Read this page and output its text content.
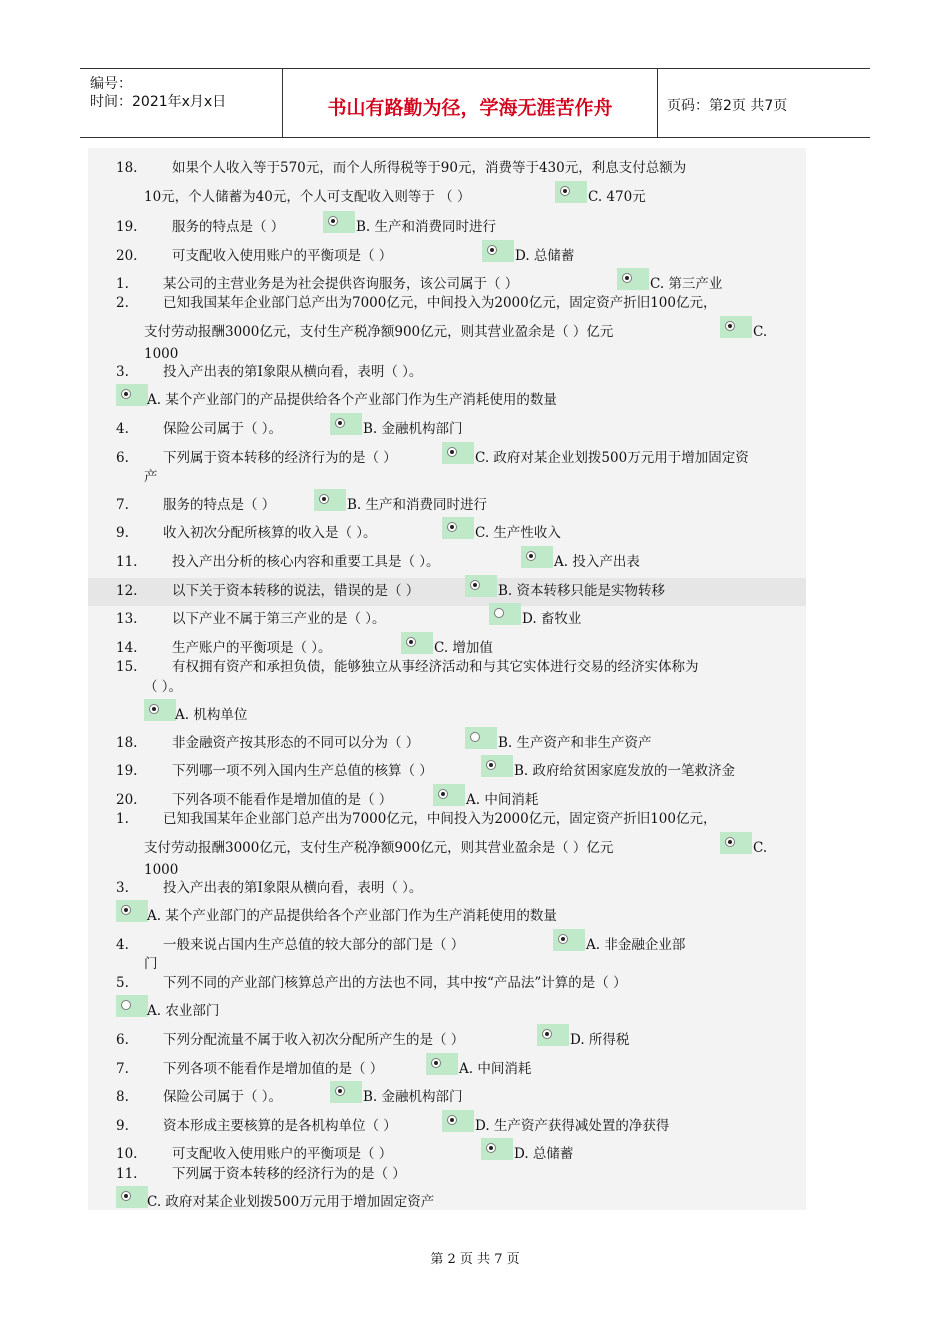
编号：
时间：2021年x月x日	书山有路勤为径，学海无涯苦作舟	页码：第2页 共7页
18.	如果个人收入等于570元，而个人所得税等于90元，消费等于430元，利息支付总额为
10元，个人储蓄为40元，个人可支配收入则等于 （ ）	C. 470元
19.	服务的特点是（ ）	B. 生产和消费同时进行
20.	可支配收入使用账户的平衡项是（ ）	D. 总储蓄
1.	某公司的主营业务是为社会提供咨询服务，该公司属于（ ）	C. 第三产业
2.	已知我国某年企业部门总产出为7000亿元，中间投入为2000亿元，固定资产折旧100亿元，
支付劳动报酬3000亿元，支付生产税净额900亿元，则其营业盈余是（ ）亿元	C.
1000
3.	投入产出表的第Ⅰ象限从横向看，表明（ ）。
A. 某个产业部门的产品提供给各个产业部门作为生产消耗使用的数量
4.	保险公司属于（ ）。	B. 金融机构部门
6.	下列属于资本转移的经济行为的是（ ）	C. 政府对某企业划拨500万元用于增加固定资
产
7.	服务的特点是（ ）	B. 生产和消费同时进行
9.	收入初次分配所核算的收入是（ ）。	C. 生产性收入
11.	投入产出分析的核心内容和重要工具是（ ）。	A. 投入产出表
12.	以下关于资本转移的说法，错误的是（ ）	B. 资本转移只能是实物转移
13.	以下产业不属于第三产业的是（ ）。	D. 畜牧业
14.	生产账户的平衡项是（ ）。	C. 增加值
15.	有权拥有资产和承担负债，能够独立从事经济活动和与其它实体进行交易的经济实体称为
（ ）。
A. 机构单位
18.	非金融资产按其形态的不同可以分为（ ）	B. 生产资产和非生产资产
19.	下列哪一项不列入国内生产总值的核算（ ）	B. 政府给贫困家庭发放的一笔救济金
20.	下列各项不能看作是增加值的是（ ）	A. 中间消耗
1.	已知我国某年企业部门总产出为7000亿元，中间投入为2000亿元，固定资产折旧100亿元，
支付劳动报酬3000亿元，支付生产税净额900亿元，则其营业盈余是（ ）亿元	C.
1000
3.	投入产出表的第Ⅰ象限从横向看，表明（ ）。
A. 某个产业部门的产品提供给各个产业部门作为生产消耗使用的数量
4.	一般来说占国内生产总值的较大部分的部门是（ ）	A. 非金融企业部
门
5.	下列不同的产业部门核算总产出的方法也不同，其中按“产品法”计算的是（ ）
A. 农业部门
6.	下列分配流量不属于收入初次分配所产生的是（ ）	D. 所得税
7.	下列各项不能看作是增加值的是（ ）	A. 中间消耗
8.	保险公司属于（ ）。	B. 金融机构部门
9.	资本形成主要核算的是各机构单位（ ）	D. 生产资产获得减处置的净获得
10.	可支配收入使用账户的平衡项是（ ）	D. 总储蓄
11.	下列属于资本转移的经济行为的是（ ）
C. 政府对某企业划拨500万元用于增加固定资产
第 2 页 共 7 页
